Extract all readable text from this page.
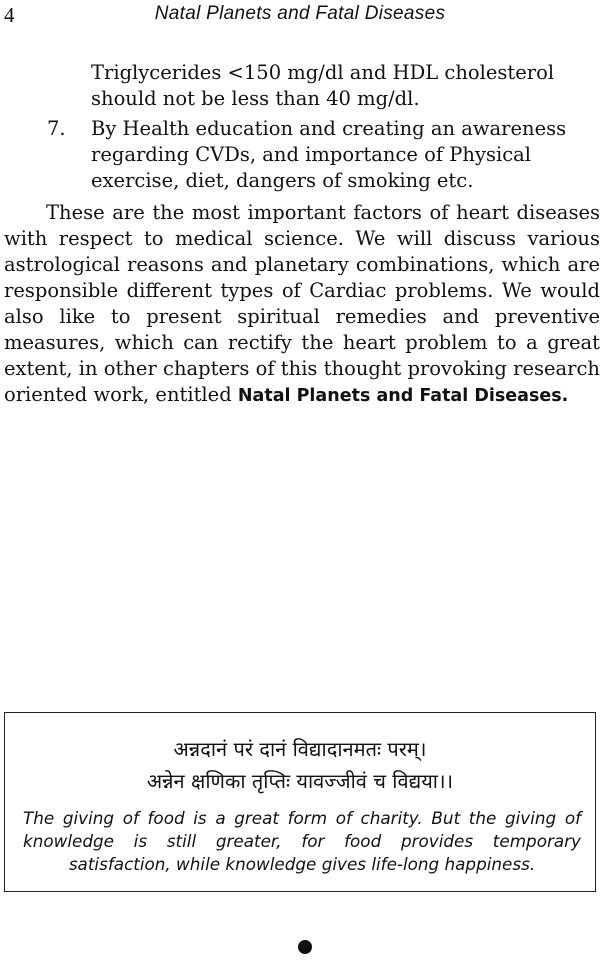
4	Natal Planets and Fatal Diseases

Triglycerides <150 mg/dl and HDL cholesterol should not be less than 40 mg/dl.

7. By Health education and creating an awareness regarding CVDs, and importance of Physical exercise, diet, dangers of smoking etc.

These are the most important factors of heart diseases with respect to medical science. We will discuss various astrological reasons and planetary combinations, which are responsible different types of Cardiac problems. We would also like to present spiritual remedies and preventive measures, which can rectify the heart problem to a great extent, in other chapters of this thought provoking research oriented work, entitled Natal Planets and Fatal Diseases.

अन्नदानं परं दानं विद्यादानमतः परम्।
अन्नेन क्षणिका तृप्तिः यावज्जीवं च विद्यया।।
The giving of food is a great form of charity. But the giving of knowledge is still greater, for food provides temporary satisfaction, while knowledge gives life-long happiness.
